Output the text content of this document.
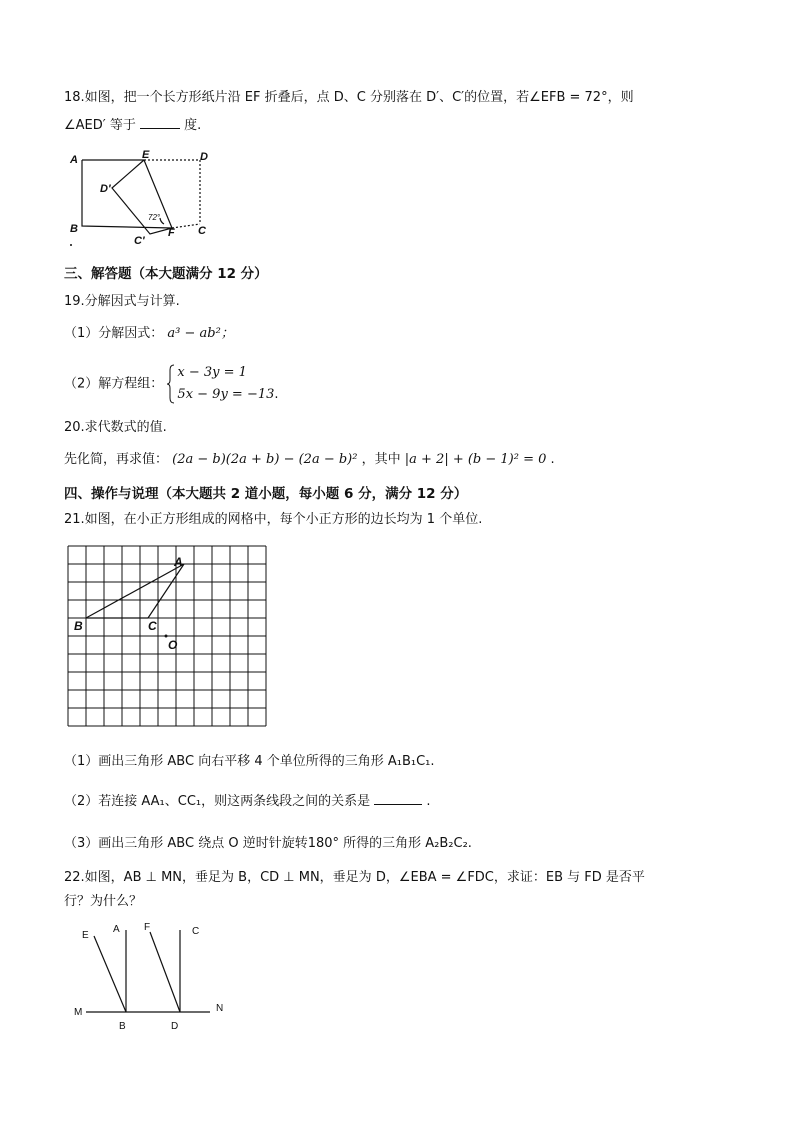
18.如图，把一个长方形纸片沿 EF 折叠后，点 D、C 分别落在 D′、C′的位置，若∠EFB = 72°，则
∠AED′ 等于	度.
A	E	D
D′
B
C′
F C
72°
三、解答题（本大题满分 12 分）
19.分解因式与计算.
（1）分解因式： a³ − ab²；
（2）解方程组：
x − 3y = 1
5x − 9y = −13.
20.求代数式的值.
先化简，再求值： (2a − b)(2a + b) − (2a − b)² ，其中 |a + 2| + (b − 1)² = 0 .
四、操作与说理（本大题共 2 道小题，每小题 6 分，满分 12 分）
21.如图，在小正方形组成的网格中，每个小正方形的边长均为 1 个单位.
A
B	C
O
（1）画出三角形 ABC 向右平移 4 个单位所得的三角形 A₁B₁C₁.
（2）若连接 AA₁、CC₁，则这两条线段之间的关系是	.
（3）画出三角形 ABC 绕点 O 逆时针旋转180° 所得的三角形 A₂B₂C₂.
22.如图，AB ⊥ MN，垂足为 B，CD ⊥ MN，垂足为 D，∠EBA = ∠FDC，求证：EB 与 FD 是否平
行？为什么？
E
A F	C
M	N
B	D
